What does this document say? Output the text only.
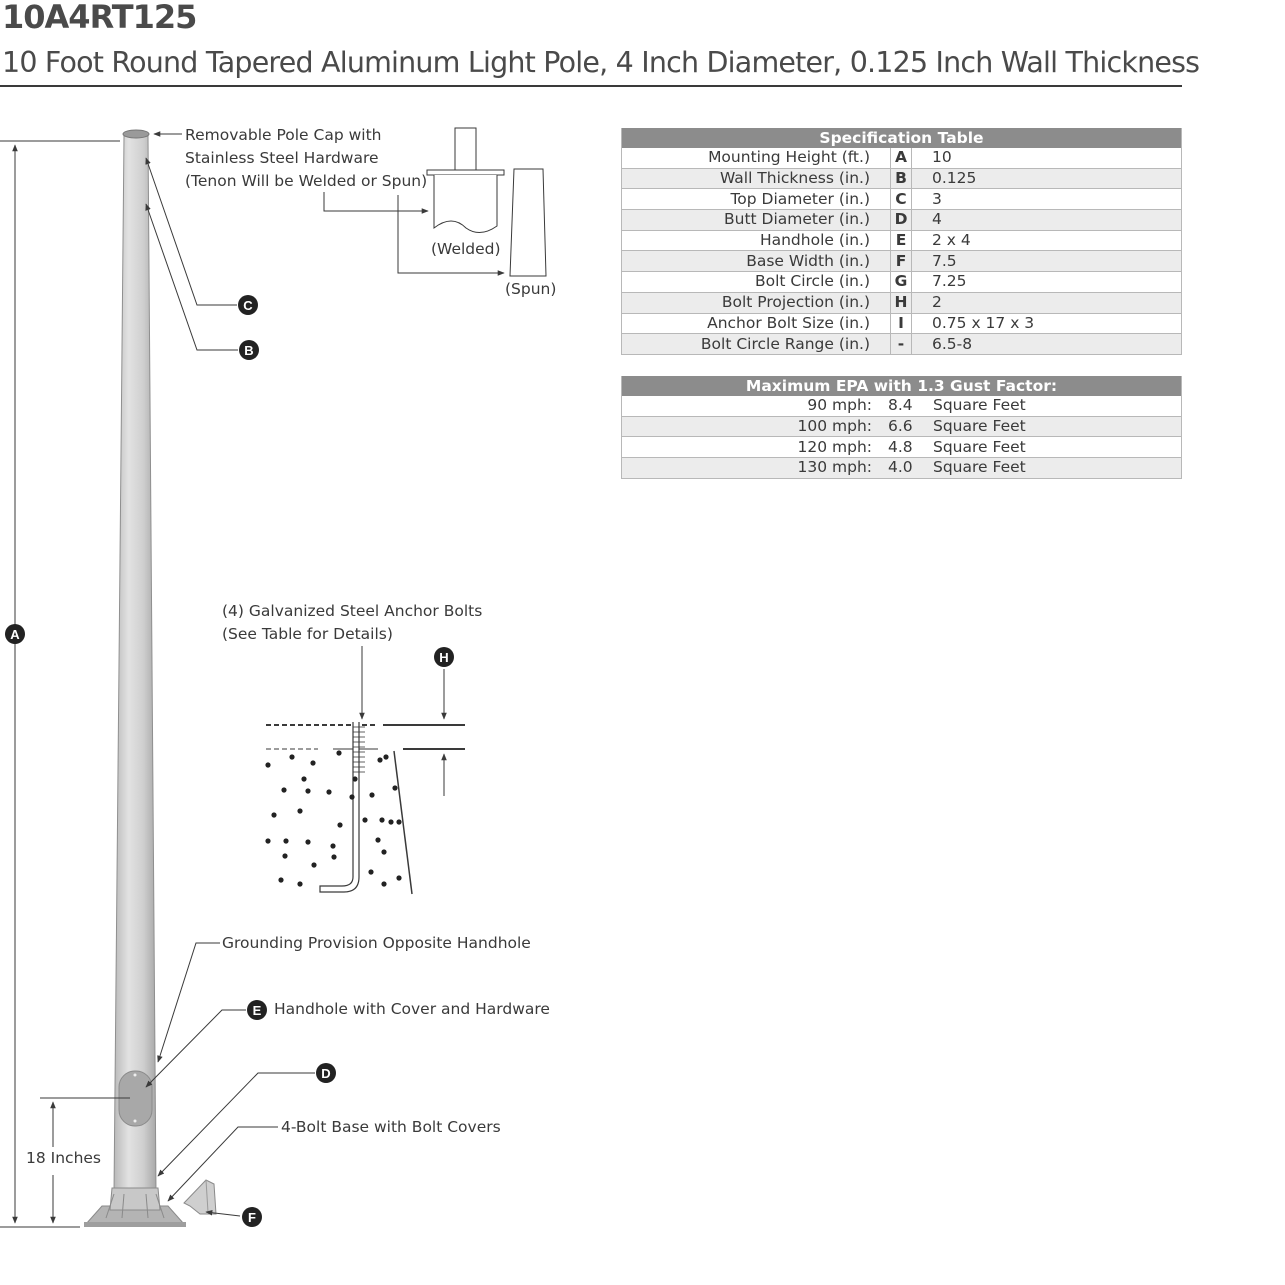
10A4RT125
10 Foot Round Tapered Aluminum Light Pole, 4 Inch Diameter, 0.125 Inch Wall Thickness
A
C
B
H
E
D
F
Removable Pole Cap with
Stainless Steel Hardware
(Tenon Will be Welded or Spun)
(Welded)
(Spun)
(4) Galvanized Steel Anchor Bolts
(See Table for Details)
Grounding Provision Opposite Handhole
Handhole with Cover and Hardware
4-Bolt Base with Bolt Covers
18 Inches
Specification Table		
Mounting Height (ft.)	A	10
Wall Thickness (in.)	B	0.125
Top Diameter (in.)	C	3
Butt Diameter (in.)	D	4
Handhole (in.)	E	2 x 4
Base Width (in.)	F	7.5
Bolt Circle (in.)	G	7.25
Bolt Projection (in.)	H	2
Anchor Bolt Size (in.)	I	0.75 x 17 x 3
Bolt Circle Range (in.)	-	6.5-8
Maximum EPA with 1.3 Gust Factor:		
90 mph:	8.4	Square Feet
100 mph:	6.6	Square Feet
120 mph:	4.8	Square Feet
130 mph:	4.0	Square Feet
